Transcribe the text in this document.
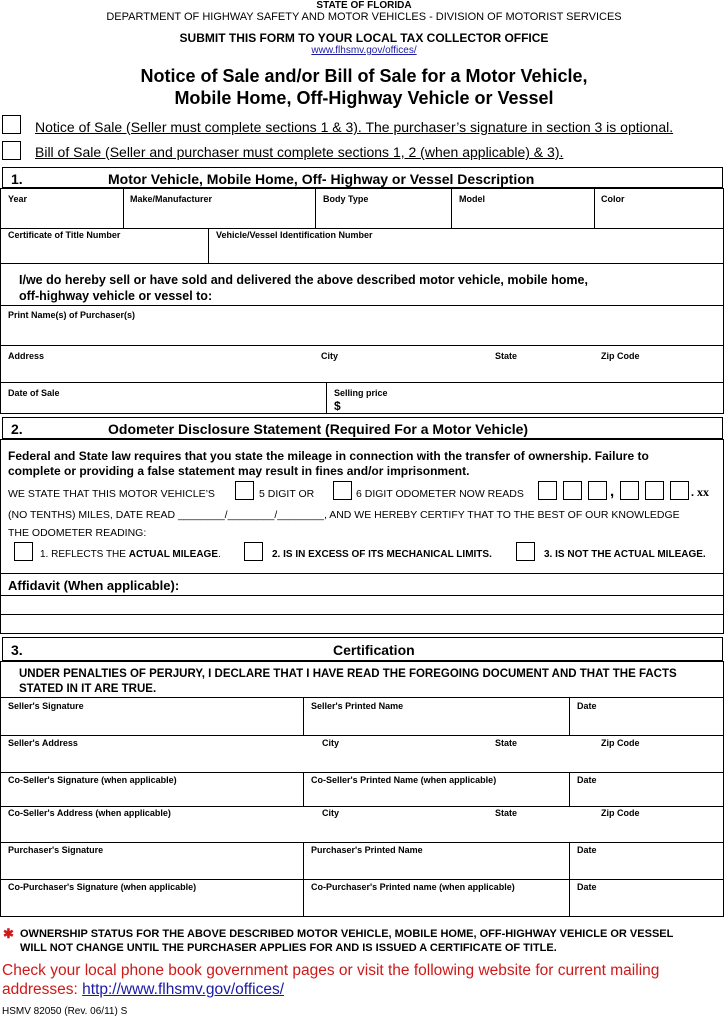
STATE OF FLORIDA
DEPARTMENT OF HIGHWAY SAFETY AND MOTOR VEHICLES - DIVISION OF MOTORIST SERVICES
SUBMIT THIS FORM TO YOUR LOCAL TAX COLLECTOR OFFICE
www.flhsmv.gov/offices/
Notice of Sale and/or Bill of Sale for a Motor Vehicle,
Mobile Home, Off-Highway Vehicle or Vessel
Notice of Sale (Seller must complete sections 1 & 3). The purchaser’s signature in section 3 is optional.
Bill of Sale (Seller and purchaser must complete sections 1, 2 (when applicable) & 3).
1.	Motor Vehicle, Mobile Home, Off- Highway or Vessel Description
Year	Make/Manufacturer	Body Type	Model	Color
Certificate of Title Number	Vehicle/Vessel Identification Number
I/we do hereby sell or have sold and delivered the above described motor vehicle, mobile home,
off-highway vehicle or vessel to:
Print Name(s) of Purchaser(s)
Address	City	State	Zip Code
Date of Sale	Selling price
$
2.	Odometer Disclosure Statement (Required For a Motor Vehicle)
Federal and State law requires that you state the mileage in connection with the transfer of ownership. Failure to
complete or providing a false statement may result in fines and/or imprisonment.
WE STATE THAT THIS MOTOR VEHICLE’S	5 DIGIT OR	6 DIGIT ODOMETER NOW READS	,	. xx
(NO TENTHS) MILES, DATE READ ________/________/________, AND WE HEREBY CERTIFY THAT TO THE BEST OF OUR KNOWLEDGE
THE ODOMETER READING:
1. REFLECTS THE ACTUAL MILEAGE.	2. IS IN EXCESS OF ITS MECHANICAL LIMITS.	3. IS NOT THE ACTUAL MILEAGE.
Affidavit (When applicable):
3.	Certification
UNDER PENALTIES OF PERJURY, I DECLARE THAT I HAVE READ THE FOREGOING DOCUMENT AND THAT THE FACTS
STATED IN IT ARE TRUE.
Seller's Signature	Seller's Printed Name	Date
Seller's Address	City	State	Zip Code
Co-Seller's Signature (when applicable)	Co-Seller's Printed Name (when applicable)	Date
Co-Seller's Address (when applicable)	City	State	Zip Code
Purchaser's Signature	Purchaser's Printed Name	Date
Co-Purchaser's Signature (when applicable)	Co-Purchaser's Printed name (when applicable)	Date
✱ OWNERSHIP STATUS FOR THE ABOVE DESCRIBED MOTOR VEHICLE, MOBILE HOME, OFF-HIGHWAY VEHICLE OR VESSEL
WILL NOT CHANGE UNTIL THE PURCHASER APPLIES FOR AND IS ISSUED A CERTIFICATE OF TITLE.
Check your local phone book government pages or visit the following website for current mailing
addresses: http://www.flhsmv.gov/offices/
HSMV 82050 (Rev. 06/11) S
